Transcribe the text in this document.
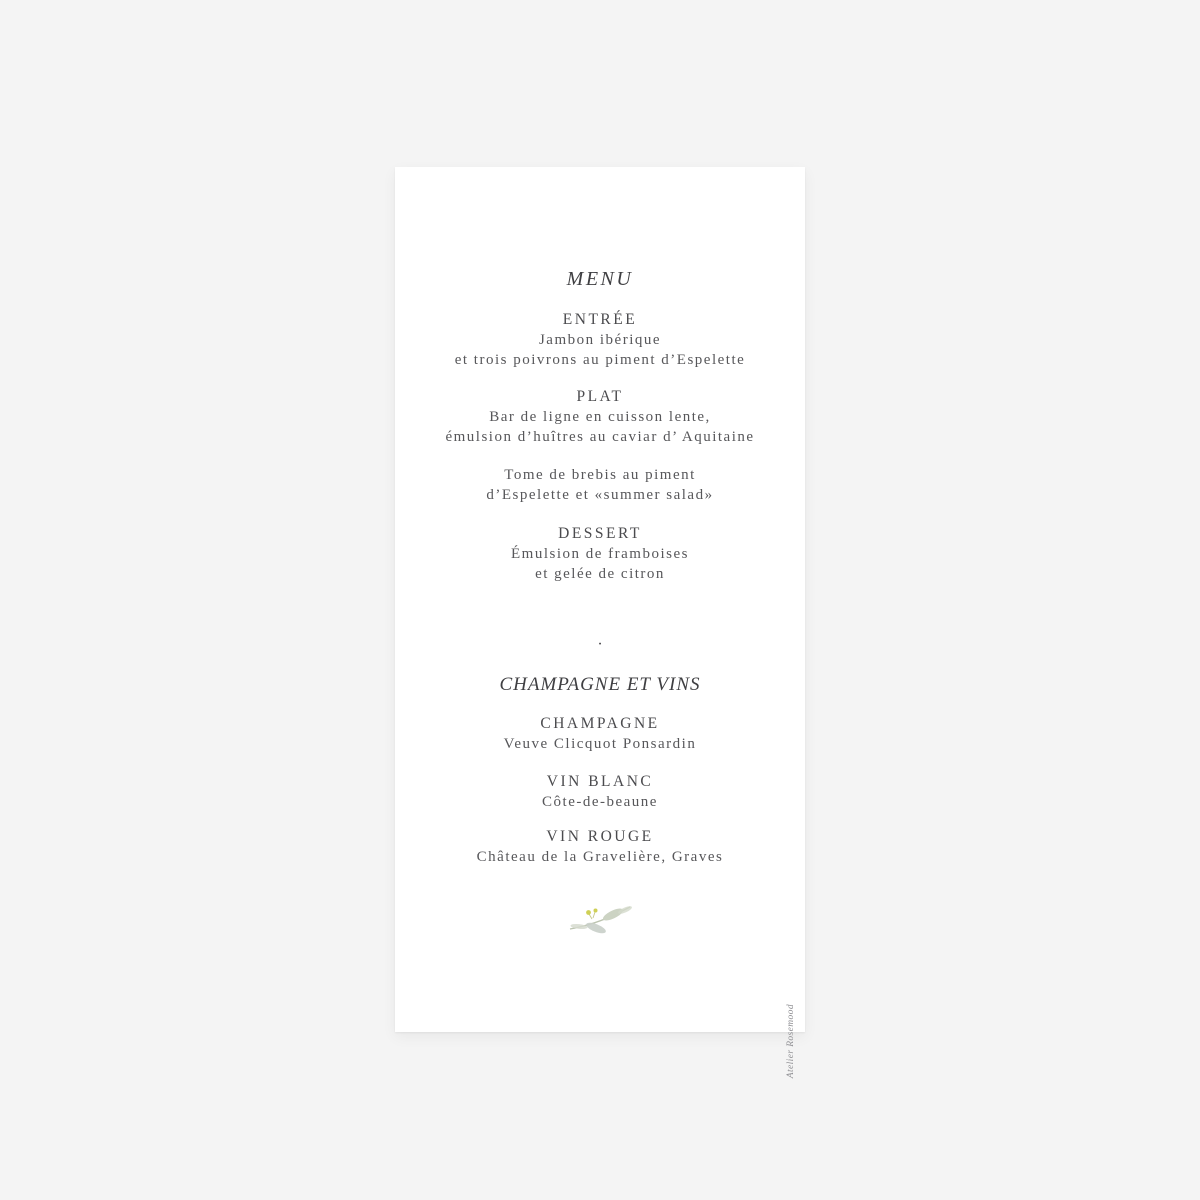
MENU
ENTRÉE
Jambon ibérique
et trois poivrons au piment d’Espelette
PLAT
Bar de ligne en cuisson lente,
émulsion d’huîtres au caviar d’ Aquitaine
Tome de brebis au piment
d’Espelette et «summer salad»
DESSERT
Émulsion de framboises
et gelée de citron
·
CHAMPAGNE ET VINS
CHAMPAGNE
Veuve Clicquot Ponsardin
VIN BLANC
Côte-de-beaune
VIN ROUGE
Château de la Gravelière, Graves
Atelier Rosemood
